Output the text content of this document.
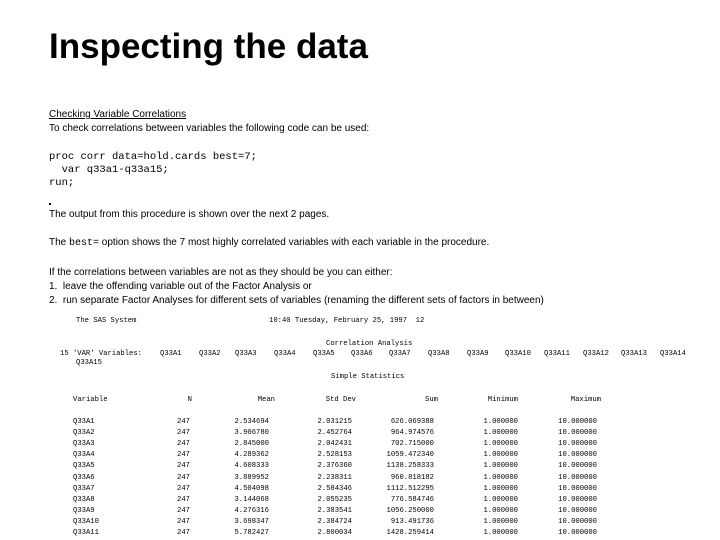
Inspecting the data
Checking Variable Correlations
To check correlations between variables the following code can be used:
proc corr data=hold.cards best=7;
var q33a1-q33a15;
run;
The output from this procedure is shown over the next 2 pages.
The best= option shows the 7 most highly correlated variables with each variable in the procedure.
If the correlations between variables are not as they should be you can either:
1.  leave the offending variable out of the Factor Analysis or
2.  run separate Factor Analyses for different sets of variables (renaming the different sets of factors in between)
The SAS System	10:40 Tuesday, February 25, 1997  12
Correlation Analysis
15 'VAR' Variables:	Q33A1 Q33A2 Q33A3 Q33A4 Q33A5 Q33A6 Q33A7 Q33A8 Q33A9 Q33A10 Q33A11 Q33A12 Q33A13 Q33A14
Q33A15
Simple Statistics
Variable	N	Mean	Std Dev	Sum	Minimum	Maximum
Q33A1	247	2.534694	2.031215	626.069388	1.000000	10.000000
Q33A2	247	3.906780	2.452764	964.974576	1.000000	10.000000
Q33A3	247	2.845000	2.042431	702.715000	1.000000	10.000000
Q33A4	247	4.289362	2.528153	1059.472340	1.000000	10.000000
Q33A5	247	4.608333	2.376360	1138.258333	1.000000	10.000000
Q33A6	247	3.889952	2.238311	960.818182	1.000000	10.000000
Q33A7	247	4.504098	2.584346	1112.512295	1.000000	10.000000
Q33A8	247	3.144068	2.055235	776.584746	1.000000	10.000000
Q33A9	247	4.276316	2.383541	1056.250000	1.000000	10.000000
Q33A10	247	3.698347	2.384724	913.491736	1.000000	10.000000
Q33A11	247	5.782427	2.800034	1428.259414	1.000000	10.000000
